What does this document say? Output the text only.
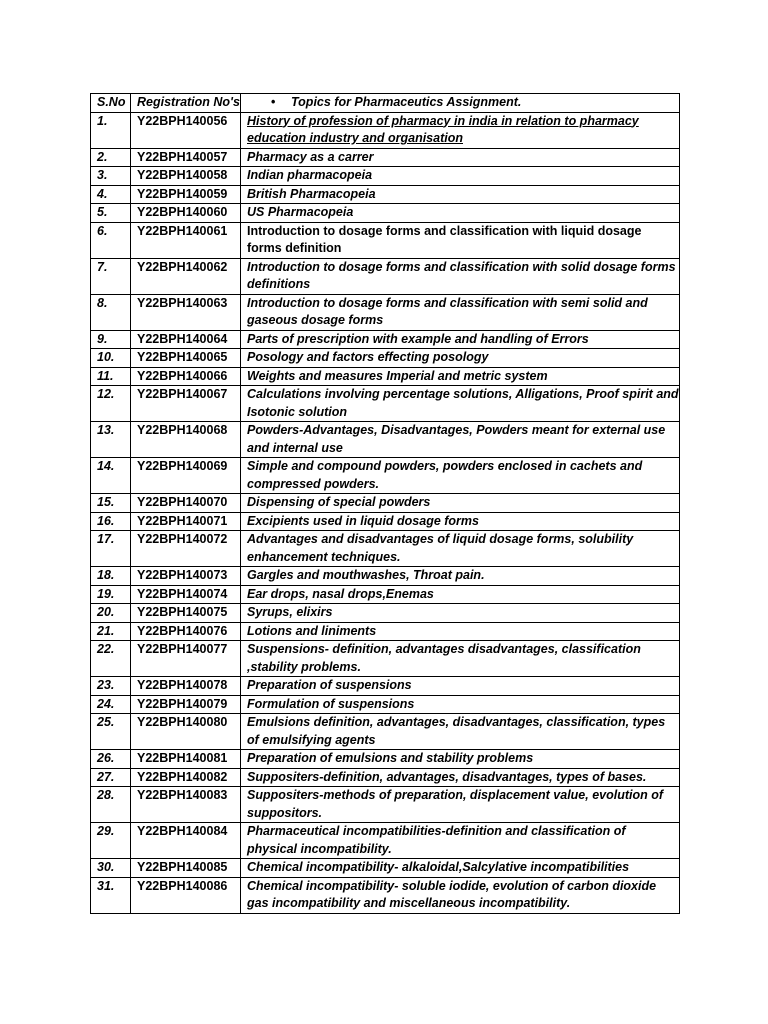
S.No	Registration No's	• Topics for Pharmaceutics Assignment.
1.	Y22BPH140056	History of profession of pharmacy in india in relation to pharmacy education industry and organisation
2.	Y22BPH140057	Pharmacy as a carrer
3.	Y22BPH140058	Indian pharmacopeia
4.	Y22BPH140059	British Pharmacopeia
5.	Y22BPH140060	US Pharmacopeia
6.	Y22BPH140061	Introduction to dosage forms and classification with liquid dosage forms definition
7.	Y22BPH140062	Introduction to dosage forms and classification with solid dosage forms definitions
8.	Y22BPH140063	Introduction to dosage forms and classification with semi solid and gaseous dosage forms
9.	Y22BPH140064	Parts of prescription with example and handling of Errors
10.	Y22BPH140065	Posology and factors effecting posology
11.	Y22BPH140066	Weights and measures Imperial and metric system
12.	Y22BPH140067	Calculations involving percentage solutions, Alligations, Proof spirit and Isotonic solution
13.	Y22BPH140068	Powders-Advantages, Disadvantages, Powders meant for external use and internal use
14.	Y22BPH140069	Simple and compound powders, powders enclosed in cachets and compressed powders.
15.	Y22BPH140070	Dispensing of special powders
16.	Y22BPH140071	Excipients used in liquid dosage forms
17.	Y22BPH140072	Advantages and disadvantages of liquid dosage forms, solubility enhancement techniques.
18.	Y22BPH140073	Gargles and mouthwashes, Throat pain.
19.	Y22BPH140074	Ear drops, nasal drops,Enemas
20.	Y22BPH140075	Syrups, elixirs
21.	Y22BPH140076	Lotions and liniments
22.	Y22BPH140077	Suspensions- definition, advantages disadvantages, classification ,stability problems.
23.	Y22BPH140078	Preparation of suspensions
24.	Y22BPH140079	Formulation of suspensions
25.	Y22BPH140080	Emulsions definition, advantages, disadvantages, classification, types of emulsifying agents
26.	Y22BPH140081	Preparation of emulsions and stability problems
27.	Y22BPH140082	Suppositers-definition, advantages, disadvantages, types of bases.
28.	Y22BPH140083	Suppositers-methods of preparation, displacement value, evolution of suppositors.
29.	Y22BPH140084	Pharmaceutical incompatibilities-definition and classification of physical incompatibility.
30.	Y22BPH140085	Chemical incompatibility- alkaloidal,Salcylative incompatibilities
31.	Y22BPH140086	Chemical incompatibility- soluble iodide, evolution of carbon dioxide gas incompatibility and miscellaneous incompatibility.
